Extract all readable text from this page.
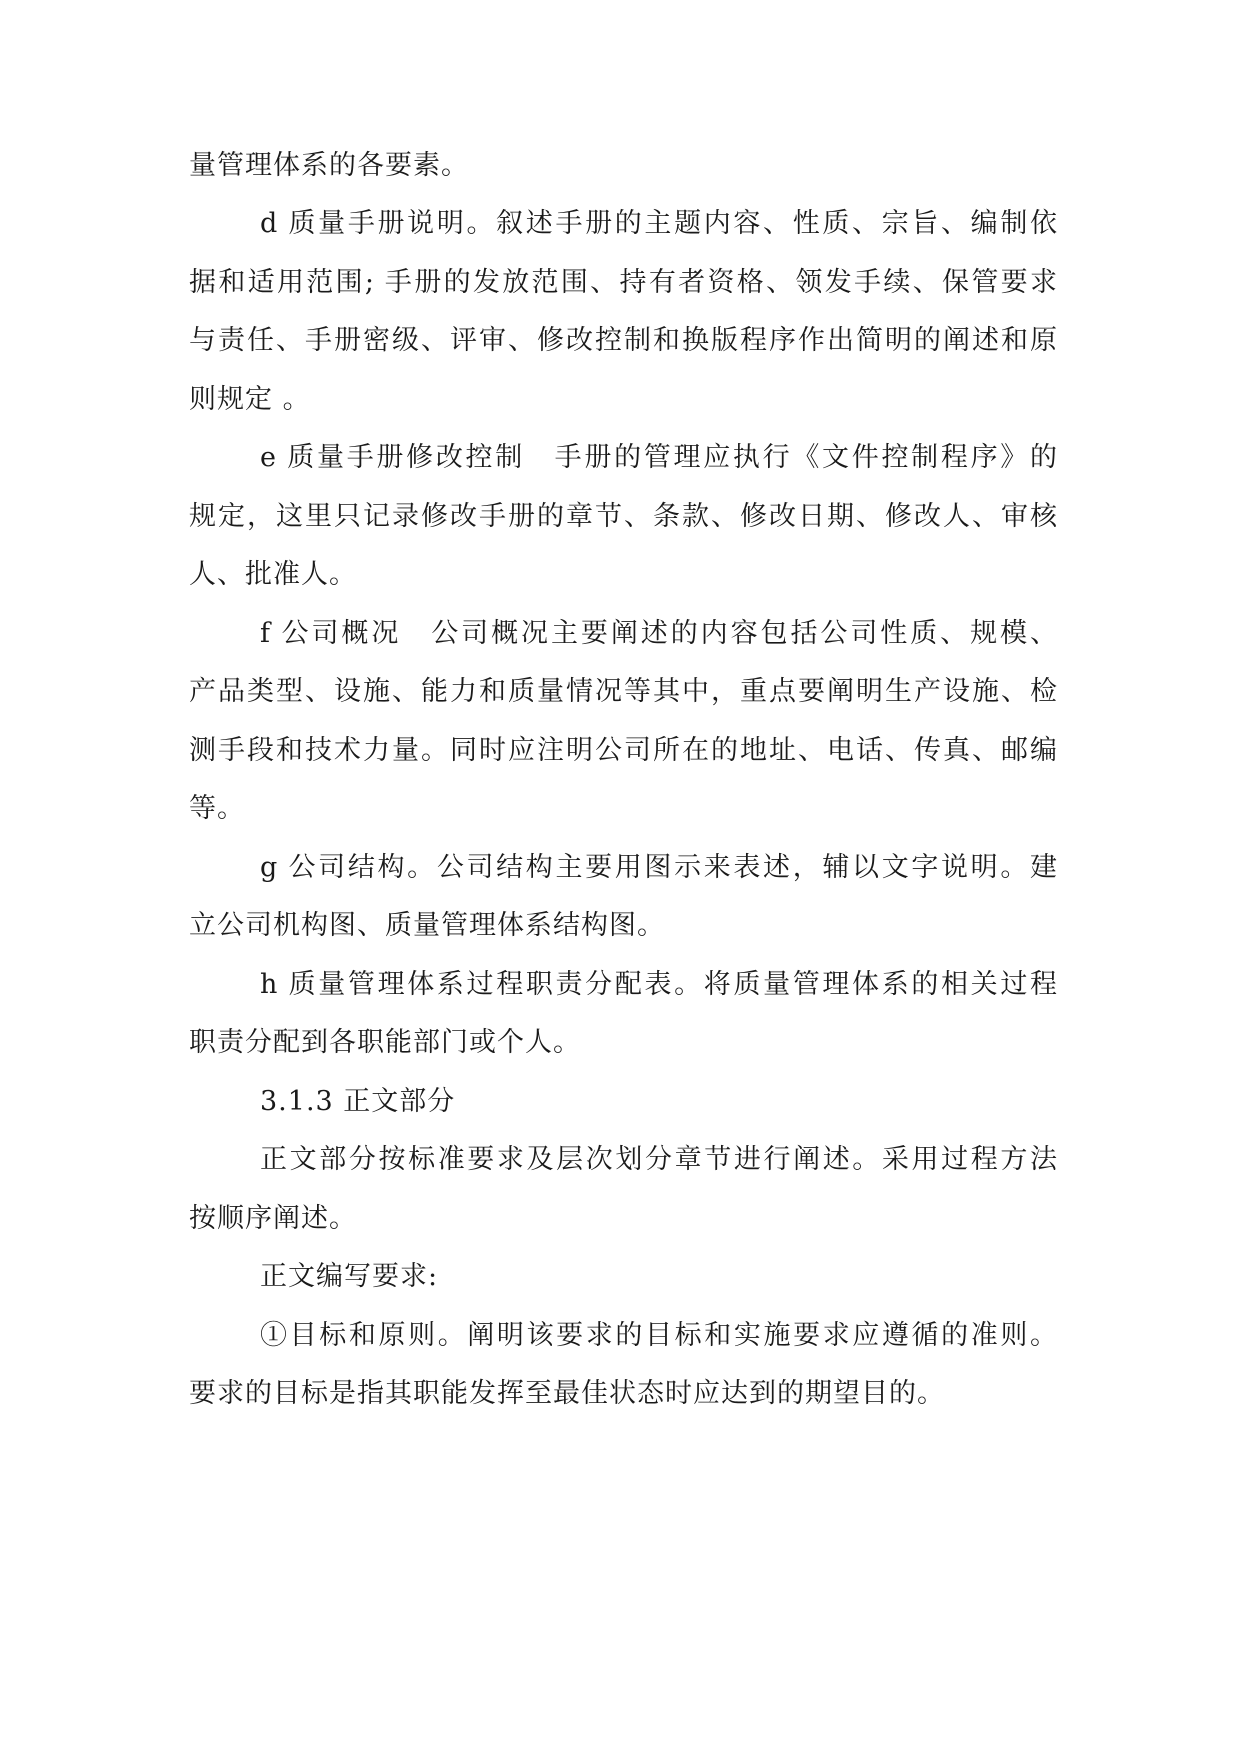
量管理体系的各要素。
d 质量手册说明。叙述手册的主题内容、性质、宗旨、编制依
据和适用范围; 手册的发放范围、持有者资格、领发手续、保管要求
与责任、手册密级、评审、修改控制和换版程序作出简明的阐述和原
则规定 。
e 质量手册修改控制　手册的管理应执行《文件控制程序》的
规定，这里只记录修改手册的章节、条款、修改日期、修改人、审核
人、批准人。
f 公司概况　公司概况主要阐述的内容包括公司性质、规模、
产品类型、设施、能力和质量情况等其中，重点要阐明生产设施、检
测手段和技术力量。同时应注明公司所在的地址、电话、传真、邮编
等。
g 公司结构。公司结构主要用图示来表述，辅以文字说明。建
立公司机构图、质量管理体系结构图。
h 质量管理体系过程职责分配表。将质量管理体系的相关过程
职责分配到各职能部门或个人。
3.1.3 正文部分
正文部分按标准要求及层次划分章节进行阐述。采用过程方法
按顺序阐述。
正文编写要求:
①目标和原则。阐明该要求的目标和实施要求应遵循的准则。
要求的目标是指其职能发挥至最佳状态时应达到的期望目的。
